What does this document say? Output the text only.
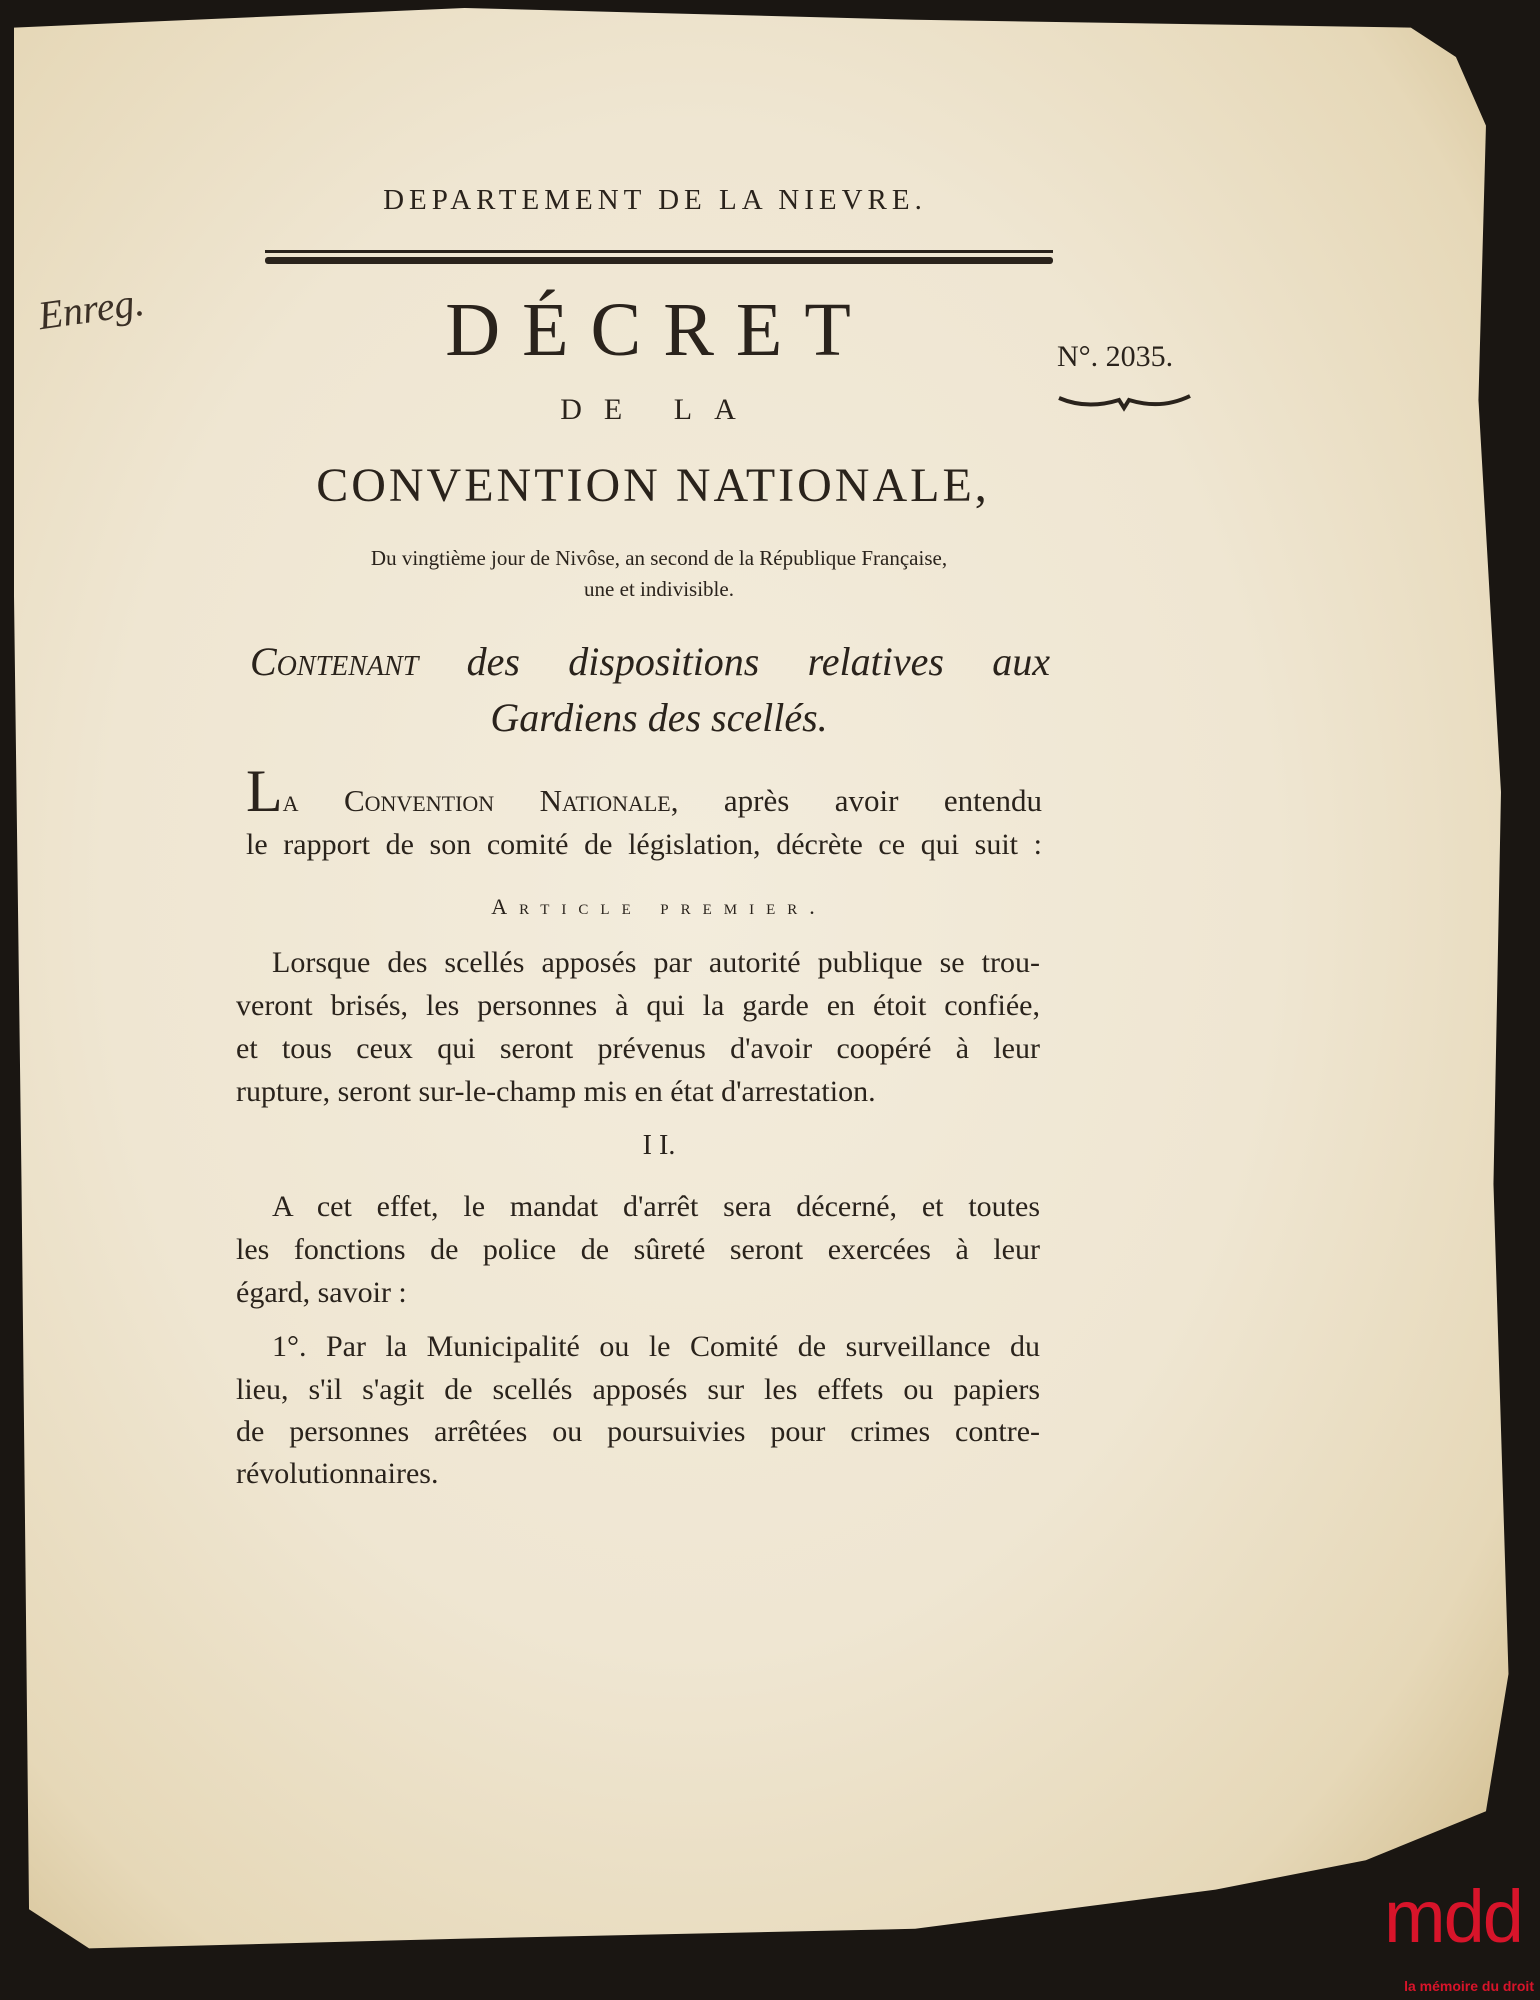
DEPARTEMENT DE LA NIEVRE.
Enreg.	DÉCRET	N°. 2035.
DE LA
CONVENTION NATIONALE,
Du vingtième jour de Nivôse, an second de la République Française,
une et indivisible.
Contenant des dispositions relatives aux
Gardiens des scellés.
La Convention Nationale, après avoir entendu
le rapport de son comité de législation, décrète ce qui suit :
Article premier.
Lorsque des scellés apposés par autorité publique se trou-
veront brisés, les personnes à qui la garde en étoit confiée,
et tous ceux qui seront prévenus d'avoir coopéré à leur
rupture, seront sur-le-champ mis en état d'arrestation.
I I.
A cet effet, le mandat d'arrêt sera décerné, et toutes
les fonctions de police de sûreté seront exercées à leur
égard, savoir :
1°. Par la Municipalité ou le Comité de surveillance du
lieu, s'il s'agit de scellés apposés sur les effets ou papiers
de personnes arrêtées ou poursuivies pour crimes contre-
révolutionnaires.
mdd
la mémoire du droit
